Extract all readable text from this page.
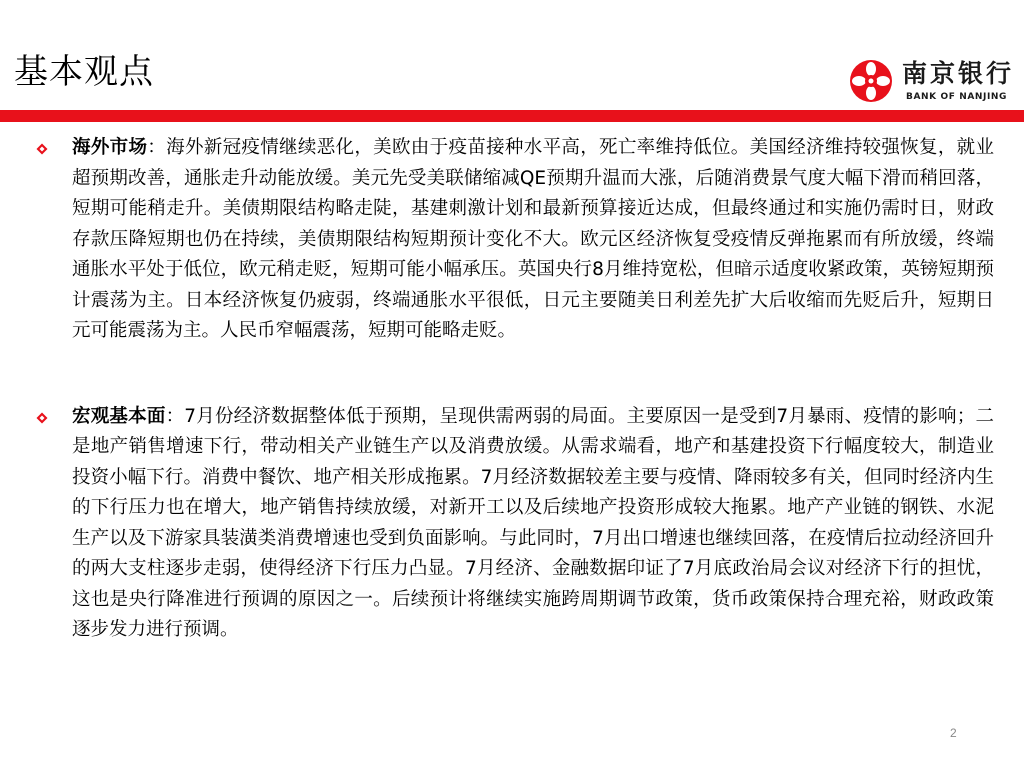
基本观点	南京银行
BANK OF NANJING
海外市场：海外新冠疫情继续恶化，美欧由于疫苗接种水平高，死亡率维持低位。美国经济维持较强恢复，就业超预期改善，通胀走升动能放缓。美元先受美联储缩减QE预期升温而大涨，后随消费景气度大幅下滑而稍回落，短期可能稍走升。美债期限结构略走陡，基建刺激计划和最新预算接近达成，但最终通过和实施仍需时日，财政存款压降短期也仍在持续，美债期限结构短期预计变化不大。欧元区经济恢复受疫情反弹拖累而有所放缓，终端通胀水平处于低位，欧元稍走贬，短期可能小幅承压。英国央行8月维持宽松，但暗示适度收紧政策，英镑短期预计震荡为主。日本经济恢复仍疲弱，终端通胀水平很低，日元主要随美日利差先扩大后收缩而先贬后升，短期日元可能震荡为主。人民币窄幅震荡，短期可能略走贬。
宏观基本面：7月份经济数据整体低于预期，呈现供需两弱的局面。主要原因一是受到7月暴雨、疫情的影响；二是地产销售增速下行，带动相关产业链生产以及消费放缓。从需求端看，地产和基建投资下行幅度较大，制造业投资小幅下行。消费中餐饮、地产相关形成拖累。7月经济数据较差主要与疫情、降雨较多有关，但同时经济内生的下行压力也在增大，地产销售持续放缓，对新开工以及后续地产投资形成较大拖累。地产产业链的钢铁、水泥生产以及下游家具装潢类消费增速也受到负面影响。与此同时，7月出口增速也继续回落，在疫情后拉动经济回升的两大支柱逐步走弱，使得经济下行压力凸显。7月经济、金融数据印证了7月底政治局会议对经济下行的担忧，这也是央行降准进行预调的原因之一。后续预计将继续实施跨周期调节政策，货币政策保持合理充裕，财政政策逐步发力进行预调。
2
